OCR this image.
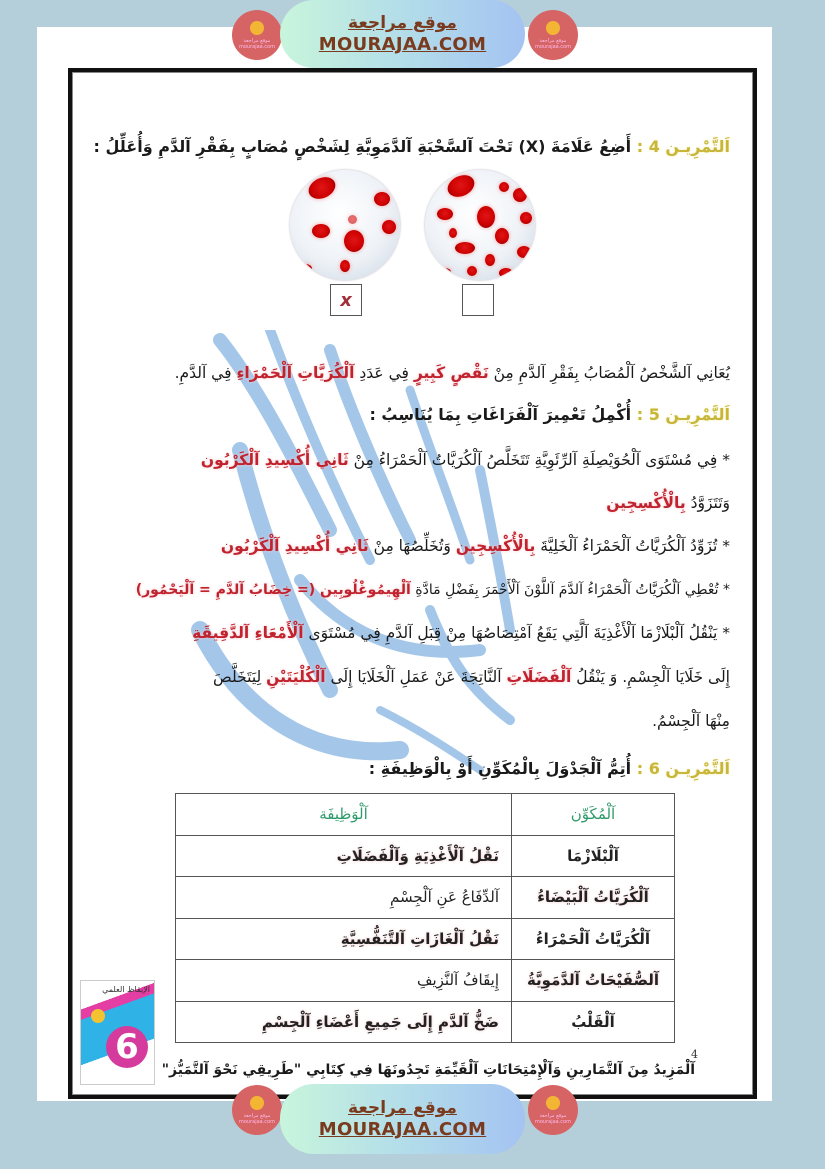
موقع مراجعة mourajaa.com
موقع مراجعة
MOURAJAA.COM	موقع مراجعة mourajaa.com
اَلتَّمْرِيـن 4 : أَضِعُ عَلَامَةَ (X) تَحْتَ آلسَّحْبَةِ آلدَّمَوِيَّةِ لِشَخْصٍ مُصَابٍ بِفَقْرِ آلدَّمِ وَأُعَلِّلُ :
x
يُعَانِي آلشَّخْصُ آلْمُصَابُ بِفَقْرِ آلدَّمِ مِنْ نَقْصٍ كَبِيرٍ فِي عَدَدِ آلْكُرَيَّاتِ آلْحَمْرَاءِ فِي آلدَّمِ.
اَلتَّمْرِيـن 5 : أُكْمِلُ تَعْمِيرَ آلْفَرَاغَاتِ بِمَا يُنَاسِبُ :
* فِي مُسْتَوَى آلْحُوَيْصِلَةِ آلرِّئَوِيَّةِ تَتَخَلَّصُ آلْكُرَيَّاتُ آلْحَمْرَاءُ مِنْ ثَانِي أُكْسِيدِ آلْكَرْبُون
وَتَتَزَوَّدُ بِالْأُكْسِجِين
* تُزَوِّدُ آلْكُرَيَّاتُ آلْحَمْرَاءُ آلْخَلِيَّةَ بِالْأُكْسِجِين وَتُخَلِّصُهَا مِنْ ثَانِي أُكْسِيدِ آلْكَرْبُون
* تُعْطِي آلْكُرَيَّاتُ آلْحَمْرَاءُ آلدَّمَ آللَّوْنَ آلْأَحْمَرَ بِفَضْلِ مَادَّةِ آلْهِيمُوغْلُوبِين (= خِضَابُ آلدَّمِ = آلْيَحْمُور)
* يَنْقُلُ آلْبْلَازْمَا آلْأَغْذِيَةَ آلَّتِي يَقَعُ آمْتِصَاصُهَا مِنْ قِبَلِ آلدَّمِ فِي مُسْتَوَى آلْأَمْعَاءِ آلدَّقِيقَةِ
إِلَى خَلَايَا آلْجِسْمِ. وَ يَنْقُلُ آلْفَضَلَاتِ آلنَّاتِجَةَ عَنْ عَمَلِ آلْخَلَايَا إِلَى آلْكُلْيَتَيْنِ لِيَتَخَلَّصَ
مِنْهَا آلْجِسْمُ.
اَلتَّمْرِيـن 6 : أُتِمُّ آلْجَدْوَلَ بِالْمُكَوِّنِ أَوْ بِالْوَظِيفَةِ :
آلْمُكَوِّن	آلْوَظِيفَة
آلْبْلَازْمَا	نَقْلُ آلْأَغْذِيَةِ وَآلْفَضَلَاتِ
آلْكُرَيَّاتُ آلْبَيْضَاءُ	آلدِّفَاعُ عَنِ آلْجِسْمِ
آلْكُرَيَّاتُ آلْحَمْرَاءُ	نَقْلُ آلْغَازَاتِ آلتَّنَفُّسِيَّةِ
آلصُّفَيْحَاتُ آلدَّمَوِيَّةُ	إِيقَافُ آلنَّزِيفِ
آلْقَلْبُ	ضَخُّ آلدَّمِ إِلَى جَمِيعِ أَعْضَاءِ آلْجِسْمِ
الإيقاظ العلمي
6	4
آلْمَزِيدُ مِنَ آلتَّمَارِينِ وَآلْإِمْتِحَانَاتِ آلْقَيِّمَةِ تَجِدُونَهَا فِي كِتَابِي "طَرِيقِي نَحْوَ آلتَّمَيُّز"
موقع مراجعة mourajaa.com
موقع مراجعة
MOURAJAA.COM
موقع مراجعة mourajaa.com
